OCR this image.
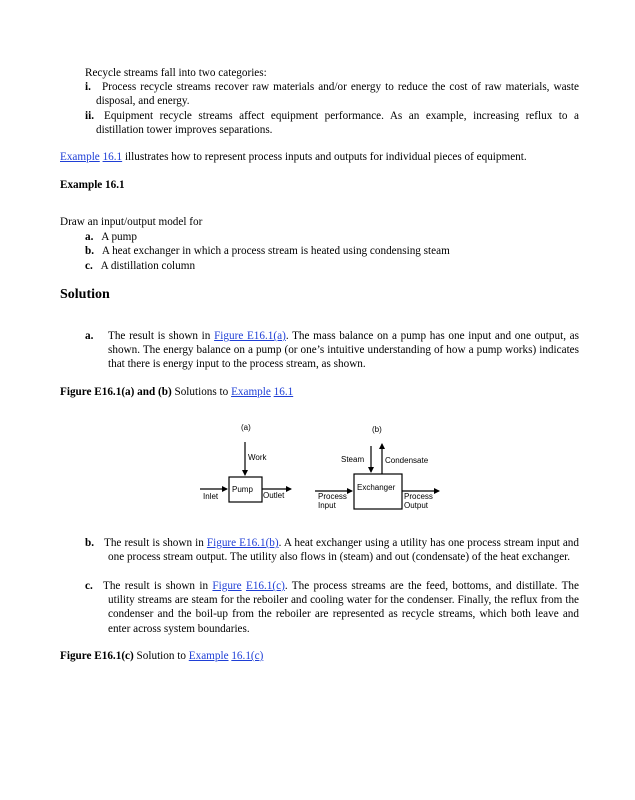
Recycle streams fall into two categories:
i. Process recycle streams recover raw materials and/or energy to reduce the cost of raw materials, waste disposal, and energy.
ii. Equipment recycle streams affect equipment performance. As an example, increasing reflux to a distillation tower improves separations.
Example 16.1 illustrates how to represent process inputs and outputs for individual pieces of equipment.
Example 16.1
Draw an input/output model for
a. A pump
b. A heat exchanger in which a process stream is heated using condensing steam
c. A distillation column
Solution
a. The result is shown in Figure E16.1(a). The mass balance on a pump has one input and one output, as shown. The energy balance on a pump (or one’s intuitive understanding of how a pump works) indicates that there is energy input to the process stream, as shown.
Figure E16.1(a) and (b) Solutions to Example 16.1
(a)
Work
Pump
Inlet	Outlet
(b)
Steam	Condensate
Exchanger
Process
Input
Process
Output
b. The result is shown in Figure E16.1(b). A heat exchanger using a utility has one process stream input and one process stream output. The utility also flows in (steam) and out (condensate) of the heat exchanger.
c. The result is shown in Figure E16.1(c). The process streams are the feed, bottoms, and distillate. The utility streams are steam for the reboiler and cooling water for the condenser. Finally, the reflux from the condenser and the boil-up from the reboiler are represented as recycle streams, which both leave and enter across system boundaries.
Figure E16.1(c) Solution to Example 16.1(c)
